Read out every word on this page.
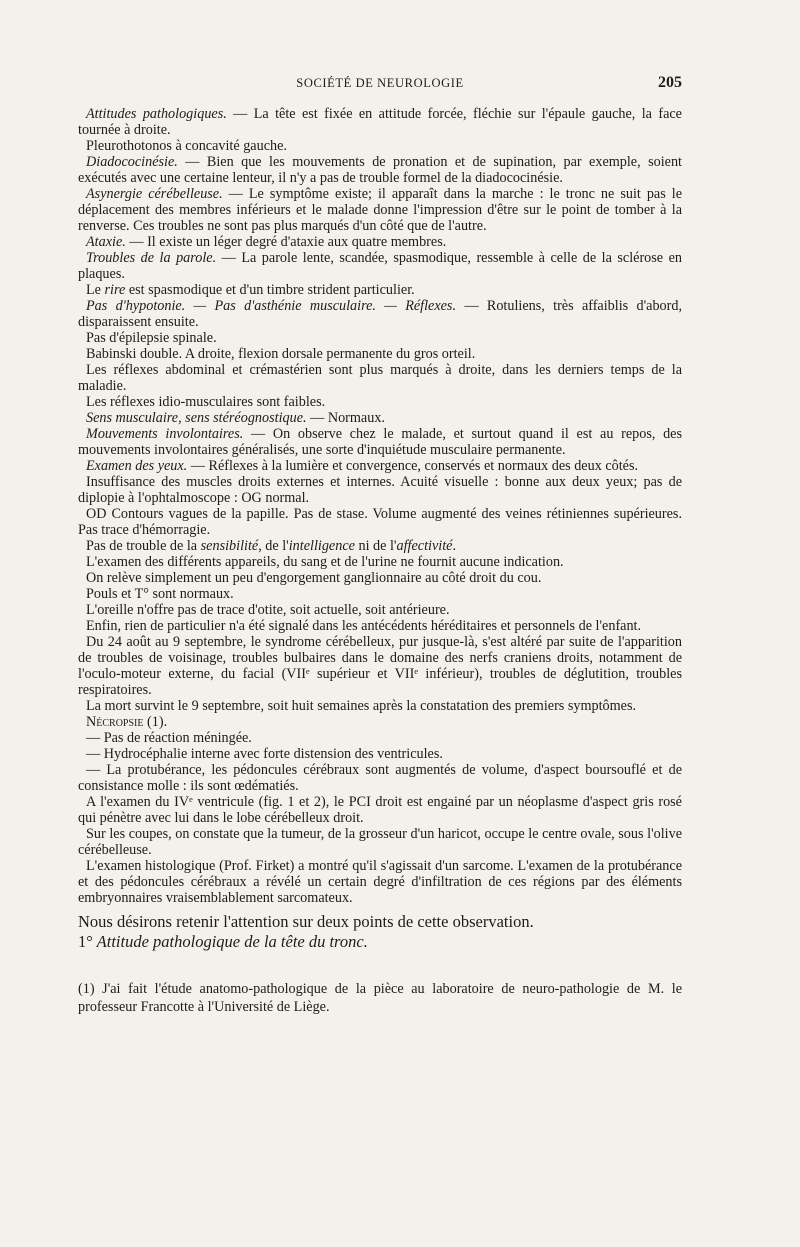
SOCIÉTÉ DE NEUROLOGIE	205

Attitudes pathologiques. — La tête est fixée en attitude forcée, fléchie sur l'épaule gauche, la face tournée à droite.

Pleurothotonos à concavité gauche.

Diadococinésie. — Bien que les mouvements de pronation et de supination, par exemple, soient exécutés avec une certaine lenteur, il n'y a pas de trouble formel de la diadococinésie.

Asynergie cérébelleuse. — Le symptôme existe; il apparaît dans la marche : le tronc ne suit pas le déplacement des membres inférieurs et le malade donne l'impression d'être sur le point de tomber à la renverse. Ces troubles ne sont pas plus marqués d'un côté que de l'autre.

Ataxie. — Il existe un léger degré d'ataxie aux quatre membres.

Troubles de la parole. — La parole lente, scandée, spasmodique, ressemble à celle de la sclérose en plaques.

Le rire est spasmodique et d'un timbre strident particulier.

Pas d'hypotonie. — Pas d'asthénie musculaire. — Réflexes. — Rotuliens, très affaiblis d'abord, disparaissent ensuite.

Pas d'épilepsie spinale.

Babinski double. A droite, flexion dorsale permanente du gros orteil.

Les réflexes abdominal et crémastérien sont plus marqués à droite, dans les derniers temps de la maladie.

Les réflexes idio-musculaires sont faibles.

Sens musculaire, sens stéréognostique. — Normaux.

Mouvements involontaires. — On observe chez le malade, et surtout quand il est au repos, des mouvements involontaires généralisés, une sorte d'inquiétude musculaire permanente.

Examen des yeux. — Réflexes à la lumière et convergence, conservés et normaux des deux côtés.

Insuffisance des muscles droits externes et internes. Acuité visuelle : bonne aux deux yeux; pas de diplopie à l'ophtalmoscope : OG normal.

OD Contours vagues de la papille. Pas de stase. Volume augmenté des veines rétiniennes supérieures. Pas trace d'hémorragie.

Pas de trouble de la sensibilité, de l'intelligence ni de l'affectivité.

L'examen des différents appareils, du sang et de l'urine ne fournit aucune indication.

On relève simplement un peu d'engorgement ganglionnaire au côté droit du cou.

Pouls et T° sont normaux.

L'oreille n'offre pas de trace d'otite, soit actuelle, soit antérieure.

Enfin, rien de particulier n'a été signalé dans les antécédents héréditaires et personnels de l'enfant.

Du 24 août au 9 septembre, le syndrome cérébelleux, pur jusque-là, s'est altéré par suite de l'apparition de troubles de voisinage, troubles bulbaires dans le domaine des nerfs craniens droits, notamment de l'oculo-moteur externe, du facial (VIIᵉ supérieur et VIIᵉ inférieur), troubles de déglutition, troubles respiratoires.

La mort survint le 9 septembre, soit huit semaines après la constatation des premiers symptômes.

Nécropsie (1).

— Pas de réaction méningée.

— Hydrocéphalie interne avec forte distension des ventricules.

— La protubérance, les pédoncules cérébraux sont augmentés de volume, d'aspect boursouflé et de consistance molle : ils sont œdématiés.

A l'examen du IVᵉ ventricule (fig. 1 et 2), le PCI droit est engainé par un néoplasme d'aspect gris rosé qui pénètre avec lui dans le lobe cérébelleux droit.

Sur les coupes, on constate que la tumeur, de la grosseur d'un haricot, occupe le centre ovale, sous l'olive cérébelleuse.

L'examen histologique (Prof. Firket) a montré qu'il s'agissait d'un sarcome. L'examen de la protubérance et des pédoncules cérébraux a révélé un certain degré d'infiltration de ces régions par des éléments embryonnaires vraisemblablement sarcomateux.

Nous désirons retenir l'attention sur deux points de cette observation.

1° Attitude pathologique de la tête du tronc.

(1) J'ai fait l'étude anatomo-pathologique de la pièce au laboratoire de neuro-pathologie de M. le professeur Francotte à l'Université de Liège.
